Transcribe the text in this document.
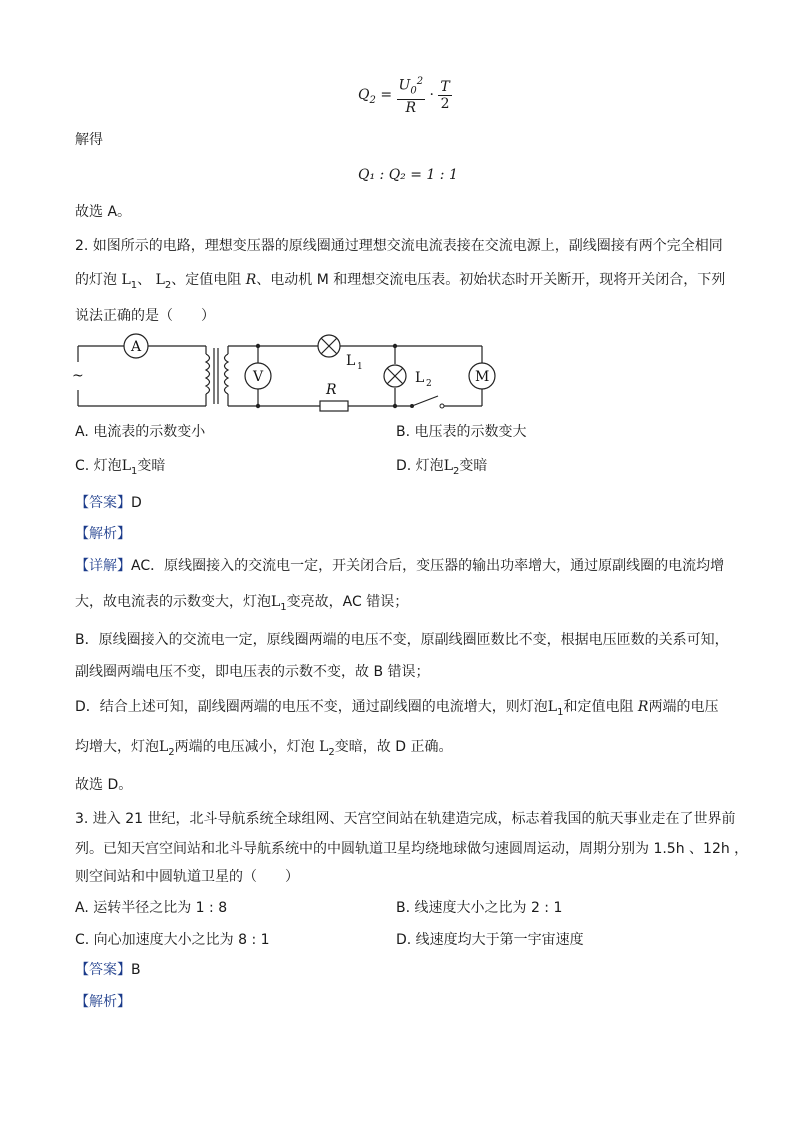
$Q_2 = \frac{U_0^2}{R} \cdot \frac{T}{2}$
解得
Q₁ : Q₂ = 1 : 1
故选 A。
2. 如图所示的电路，理想变压器的原线圈通过理想交流电流表接在交流电源上，副线圈接有两个完全相同
的灯泡 $L_1$、 $L_2$、定值电阻 R、电动机 M 和理想交流电压表。初始状态时开关断开，现将开关闭合，下列
说法正确的是（　　）
A
V	M
~
L 1
L 2
R
A. 电流表的示数变小	B. 电压表的示数变大
C. 灯泡$L_1$变暗	D. 灯泡$L_2$变暗
【答案】D
【解析】
【详解】AC．原线圈接入的交流电一定，开关闭合后，变压器的输出功率增大，通过原副线圈的电流均增
大，故电流表的示数变大，灯泡$L_1$变亮故，AC 错误；
B．原线圈接入的交流电一定，原线圈两端的电压不变，原副线圈匝数比不变，根据电压匝数的关系可知，
副线圈两端电压不变，即电压表的示数不变，故 B 错误；
D．结合上述可知，副线圈两端的电压不变，通过副线圈的电流增大，则灯泡$L_1$和定值电阻 R两端的电压
均增大，灯泡$L_2$两端的电压减小，灯泡 $L_2$变暗，故 D 正确。
故选 D。
3. 进入 21 世纪，北斗导航系统全球组网、天宫空间站在轨建造完成，标志着我国的航天事业走在了世界前
列。已知天宫空间站和北斗导航系统中的中圆轨道卫星均绕地球做匀速圆周运动，周期分别为 1.5h 、12h ，
则空间站和中圆轨道卫星的（　　）
A. 运转半径之比为 1 : 8	B. 线速度大小之比为 2 : 1
C. 向心加速度大小之比为 8 : 1	D. 线速度均大于第一宇宙速度
【答案】B
【解析】
